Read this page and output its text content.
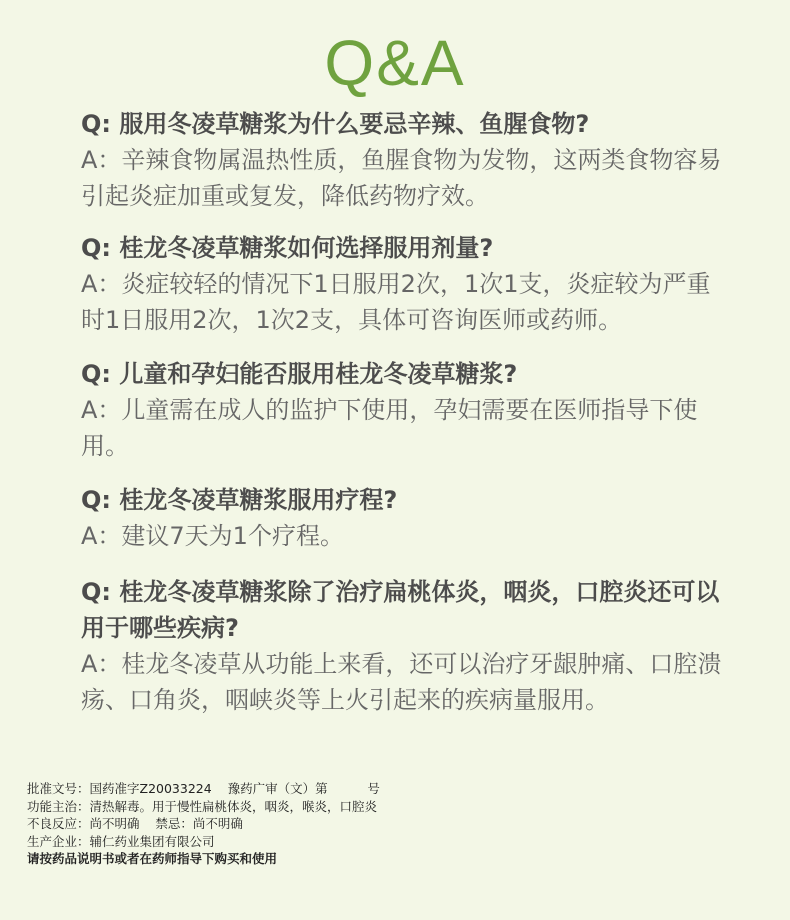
Q&A

Q: 服用冬凌草糖浆为什么要忌辛辣、鱼腥食物?

A：辛辣食物属温热性质，鱼腥食物为发物，这两类食物容易引起炎症加重或复发，降低药物疗效。

Q: 桂龙冬凌草糖浆如何选择服用剂量?

A：炎症较轻的情况下1日服用2次，1次1支，炎症较为严重时1日服用2次，1次2支，具体可咨询医师或药师。

Q: 儿童和孕妇能否服用桂龙冬凌草糖浆?

A：儿童需在成人的监护下使用，孕妇需要在医师指导下使用。

Q: 桂龙冬凌草糖浆服用疗程?

A：建议7天为1个疗程。

Q: 桂龙冬凌草糖浆除了治疗扁桃体炎，咽炎，口腔炎还可以用于哪些疾病?

A：桂龙冬凌草从功能上来看，还可以治疗牙龈肿痛、口腔溃疡、口角炎，咽峡炎等上火引起来的疾病量服用。

批准文号：国药准字Z20033224    豫药广审（文）第          号
功能主治：清热解毒。用于慢性扁桃体炎，咽炎，喉炎，口腔炎
不良反应：尚不明确    禁忌：尚不明确
生产企业：辅仁药业集团有限公司
请按药品说明书或者在药师指导下购买和使用
